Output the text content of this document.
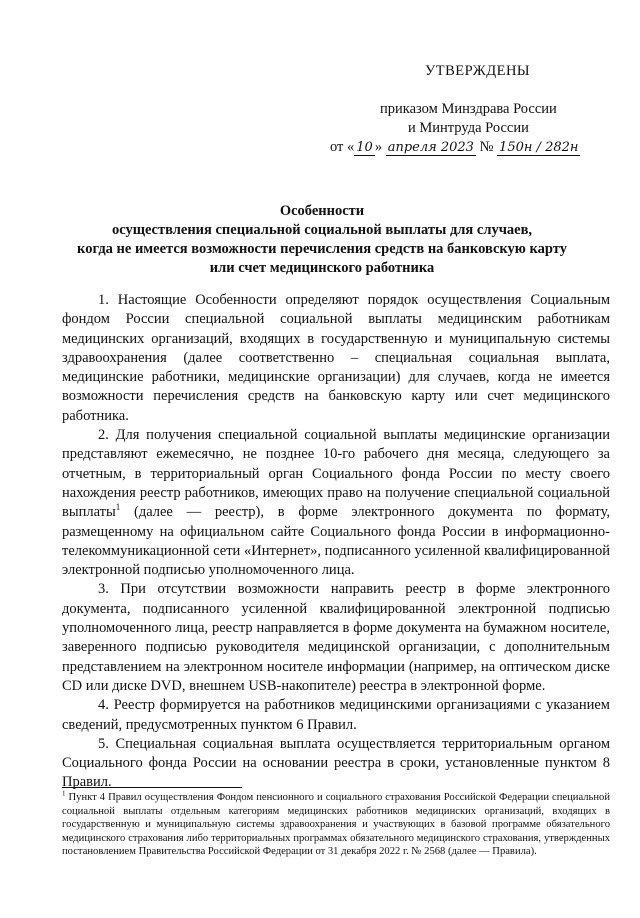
УТВЕРЖДЕНЫ
приказом Минздрава России
и Минтруда России
от « 10 » апреля 2023 № 150н / 282н
Особенности
осуществления специальной социальной выплаты для случаев,
когда не имеется возможности перечисления средств на банковскую карту
или счет медицинского работника

1. Настоящие Особенности определяют порядок осуществления Социальным фондом России специальной социальной выплаты медицинским работникам медицинских организаций, входящих в государственную и муниципальную системы здравоохранения (далее соответственно – специальная социальная выплата, медицинские работники, медицинские организации) для случаев, когда не имеется возможности перечисления средств на банковскую карту или счет медицинского работника.

2. Для получения специальной социальной выплаты медицинские организации представляют ежемесячно, не позднее 10-го рабочего дня месяца, следующего за отчетным, в территориальный орган Социального фонда России по месту своего нахождения реестр работников, имеющих право на получение специальной социальной выплаты$^1$ (далее — реестр), в форме электронного документа по формату, размещенному на официальном сайте Социального фонда России в информационно-телекоммуникационной сети «Интернет», подписанного усиленной квалифицированной электронной подписью уполномоченного лица.

3. При отсутствии возможности направить реестр в форме электронного документа, подписанного усиленной квалифицированной электронной подписью уполномоченного лица, реестр направляется в форме документа на бумажном носителе, заверенного подписью руководителя медицинской организации, с дополнительным представлением на электронном носителе информации (например, на оптическом диске CD или диске DVD, внешнем USB-накопителе) реестра в электронной форме.

4. Реестр формируется на работников медицинскими организациями с указанием сведений, предусмотренных пунктом 6 Правил.

5. Специальная социальная выплата осуществляется территориальным органом Социального фонда России на основании реестра в сроки, установленные пунктом 8 Правил.

$^1$ Пункт 4 Правил осуществления Фондом пенсионного и социального страхования Российской Федерации специальной социальной выплаты отдельным категориям медицинских работников медицинских организаций, входящих в государственную и муниципальную системы здравоохранения и участвующих в базовой программе обязательного медицинского страхования либо территориальных программах обязательного медицинского страхования, утвержденных постановлением Правительства Российской Федерации от 31 декабря 2022 г. № 2568 (далее — Правила).
